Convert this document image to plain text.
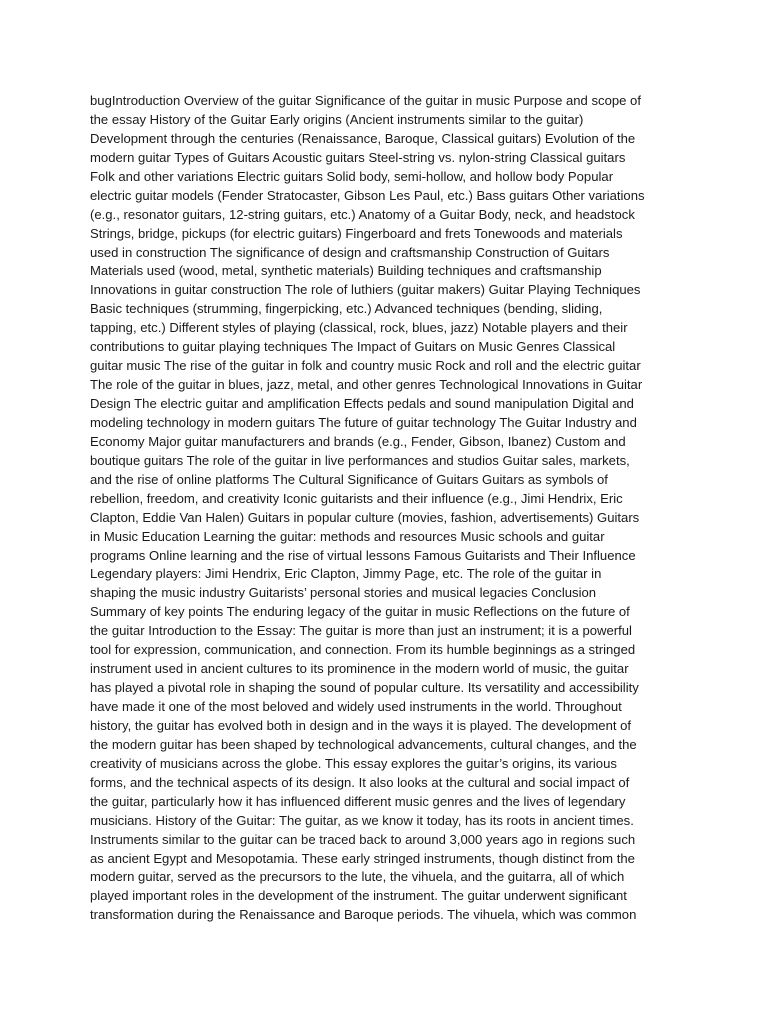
bugIntroduction Overview of the guitar Significance of the guitar in music Purpose and scope of
the essay History of the Guitar Early origins (Ancient instruments similar to the guitar)
Development through the centuries (Renaissance, Baroque, Classical guitars) Evolution of the
modern guitar Types of Guitars Acoustic guitars Steel-string vs. nylon-string Classical guitars
Folk and other variations Electric guitars Solid body, semi-hollow, and hollow body Popular
electric guitar models (Fender Stratocaster, Gibson Les Paul, etc.) Bass guitars Other variations
(e.g., resonator guitars, 12-string guitars, etc.) Anatomy of a Guitar Body, neck, and headstock
Strings, bridge, pickups (for electric guitars) Fingerboard and frets Tonewoods and materials
used in construction The significance of design and craftsmanship Construction of Guitars
Materials used (wood, metal, synthetic materials) Building techniques and craftsmanship
Innovations in guitar construction The role of luthiers (guitar makers) Guitar Playing Techniques
Basic techniques (strumming, fingerpicking, etc.) Advanced techniques (bending, sliding,
tapping, etc.) Different styles of playing (classical, rock, blues, jazz) Notable players and their
contributions to guitar playing techniques The Impact of Guitars on Music Genres Classical
guitar music The rise of the guitar in folk and country music Rock and roll and the electric guitar
The role of the guitar in blues, jazz, metal, and other genres Technological Innovations in Guitar
Design The electric guitar and amplification Effects pedals and sound manipulation Digital and
modeling technology in modern guitars The future of guitar technology The Guitar Industry and
Economy Major guitar manufacturers and brands (e.g., Fender, Gibson, Ibanez) Custom and
boutique guitars The role of the guitar in live performances and studios Guitar sales, markets,
and the rise of online platforms The Cultural Significance of Guitars Guitars as symbols of
rebellion, freedom, and creativity Iconic guitarists and their influence (e.g., Jimi Hendrix, Eric
Clapton, Eddie Van Halen) Guitars in popular culture (movies, fashion, advertisements) Guitars
in Music Education Learning the guitar: methods and resources Music schools and guitar
programs Online learning and the rise of virtual lessons Famous Guitarists and Their Influence
Legendary players: Jimi Hendrix, Eric Clapton, Jimmy Page, etc. The role of the guitar in
shaping the music industry Guitarists’ personal stories and musical legacies Conclusion
Summary of key points The enduring legacy of the guitar in music Reflections on the future of
the guitar Introduction to the Essay: The guitar is more than just an instrument; it is a powerful
tool for expression, communication, and connection. From its humble beginnings as a stringed
instrument used in ancient cultures to its prominence in the modern world of music, the guitar
has played a pivotal role in shaping the sound of popular culture. Its versatility and accessibility
have made it one of the most beloved and widely used instruments in the world. Throughout
history, the guitar has evolved both in design and in the ways it is played. The development of
the modern guitar has been shaped by technological advancements, cultural changes, and the
creativity of musicians across the globe. This essay explores the guitar’s origins, its various
forms, and the technical aspects of its design. It also looks at the cultural and social impact of
the guitar, particularly how it has influenced different music genres and the lives of legendary
musicians. History of the Guitar: The guitar, as we know it today, has its roots in ancient times.
Instruments similar to the guitar can be traced back to around 3,000 years ago in regions such
as ancient Egypt and Mesopotamia. These early stringed instruments, though distinct from the
modern guitar, served as the precursors to the lute, the vihuela, and the guitarra, all of which
played important roles in the development of the instrument. The guitar underwent significant
transformation during the Renaissance and Baroque periods. The vihuela, which was common
